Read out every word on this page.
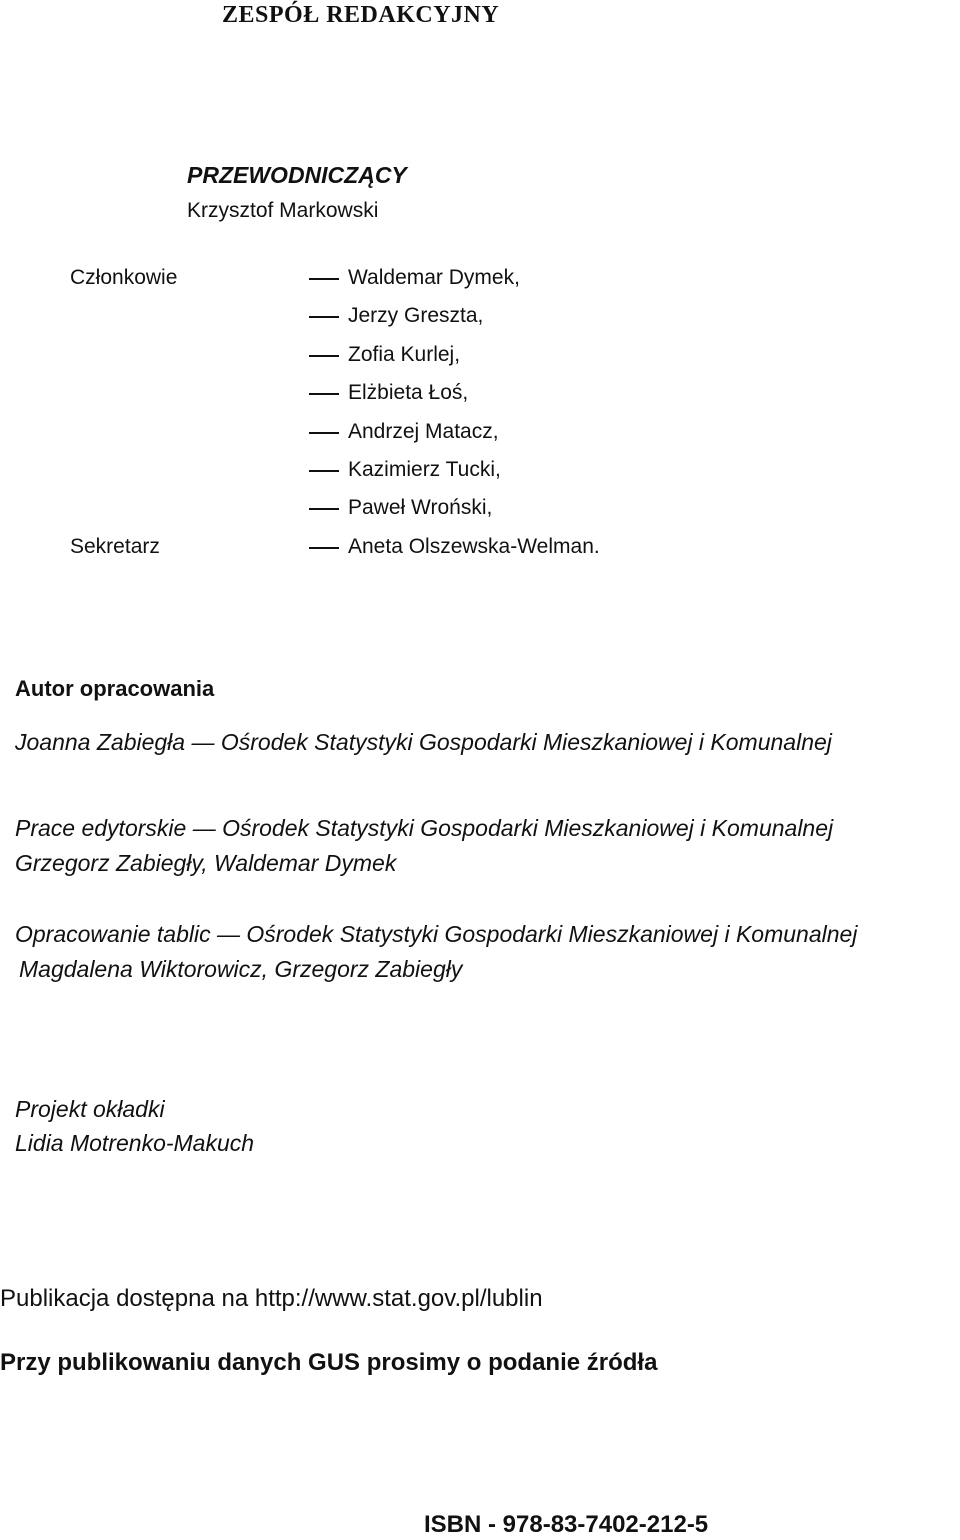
ZESPÓŁ REDAKCYJNY
PRZEWODNICZĄCY
Krzysztof Markowski
Członkowie
Sekretarz
Waldemar Dymek,
Jerzy Greszta,
Zofia Kurlej,
Elżbieta Łoś,
Andrzej Matacz,
Kazimierz Tucki,
Paweł Wroński,
Aneta Olszewska-Welman.
Autor opracowania
Joanna Zabiegła — Ośrodek Statystyki Gospodarki Mieszkaniowej i Komunalnej
Prace edytorskie — Ośrodek Statystyki Gospodarki Mieszkaniowej i Komunalnej
Grzegorz Zabiegły, Waldemar Dymek
Opracowanie tablic — Ośrodek Statystyki Gospodarki Mieszkaniowej i Komunalnej
Magdalena Wiktorowicz, Grzegorz Zabiegły
Projekt okładki
Lidia Motrenko-Makuch
Publikacja dostępna na http://www.stat.gov.pl/lublin
Przy publikowaniu danych GUS prosimy o podanie źródła
ISBN - 978-83-7402-212-5
